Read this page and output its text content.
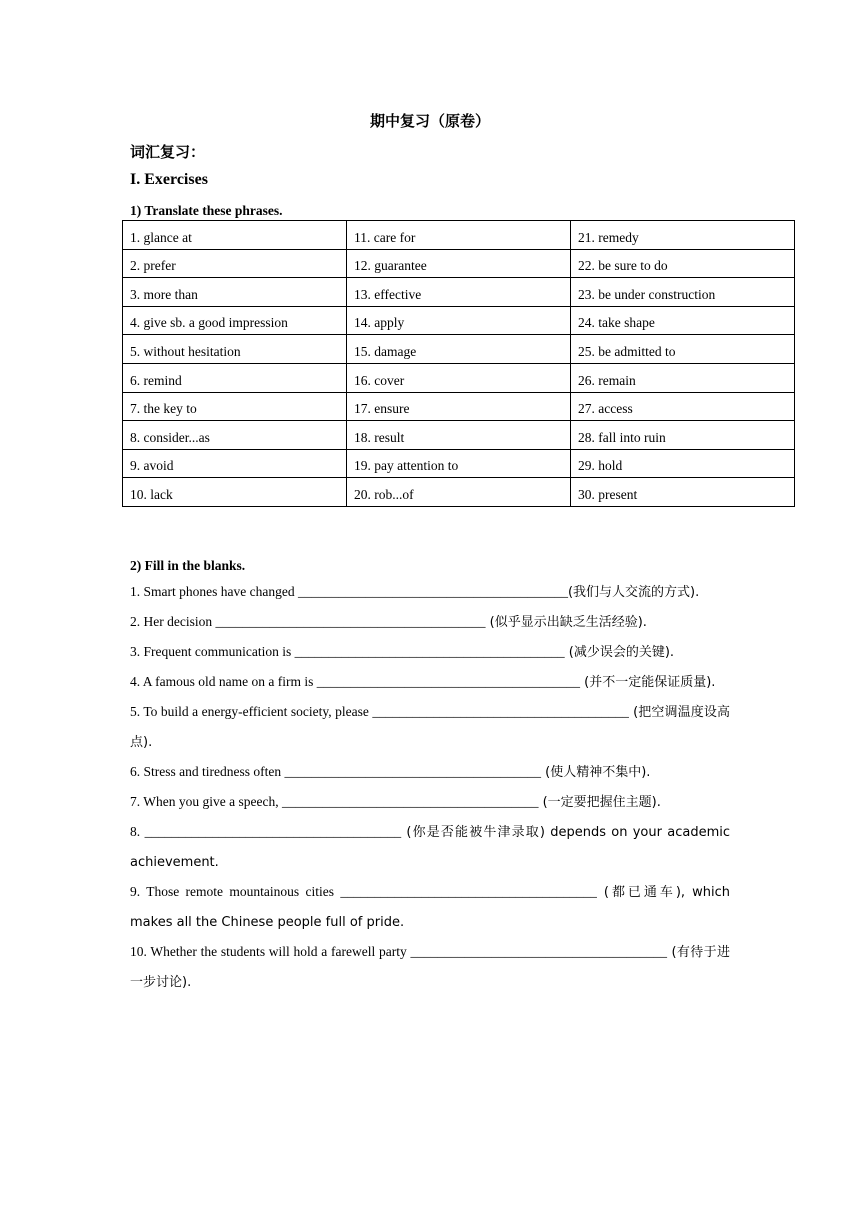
期中复习（原卷）
词汇复习：
I. Exercises
1) Translate these phrases.
1. glance at	11. care for	21. remedy
2. prefer	12. guarantee	22. be sure to do
3. more than	13. effective	23. be under construction
4. give sb. a good impression	14. apply	24. take shape
5. without hesitation	15. damage	25. be admitted to
6. remind	16. cover	26. remain
7. the key to	17. ensure	27. access
8. consider...as	18. result	28. fall into ruin
9. avoid	19. pay attention to	29. hold
10. lack	20. rob...of	30. present
2) Fill in the blanks.
1. Smart phones have changed ________________________________________(我们与人交流的方式).
2. Her decision ________________________________________ (似乎显示出缺乏生活经验).
3. Frequent communication is ________________________________________ (减少误会的关键).
4. A famous old name on a firm is _______________________________________ (并不一定能保证质量).
5. To build a energy-efficient society, please ______________________________________ (把空调温度设高点).
6. Stress and tiredness often ______________________________________ (使人精神不集中).
7. When you give a speech, ______________________________________ (一定要把握住主题).
8. ______________________________________ (你是否能被牛津录取) depends on your academic achievement.
9. Those remote mountainous cities ______________________________________ (都已通车), which makes all the Chinese people full of pride.
10. Whether the students will hold a farewell party ______________________________________ (有待于进一步讨论).
